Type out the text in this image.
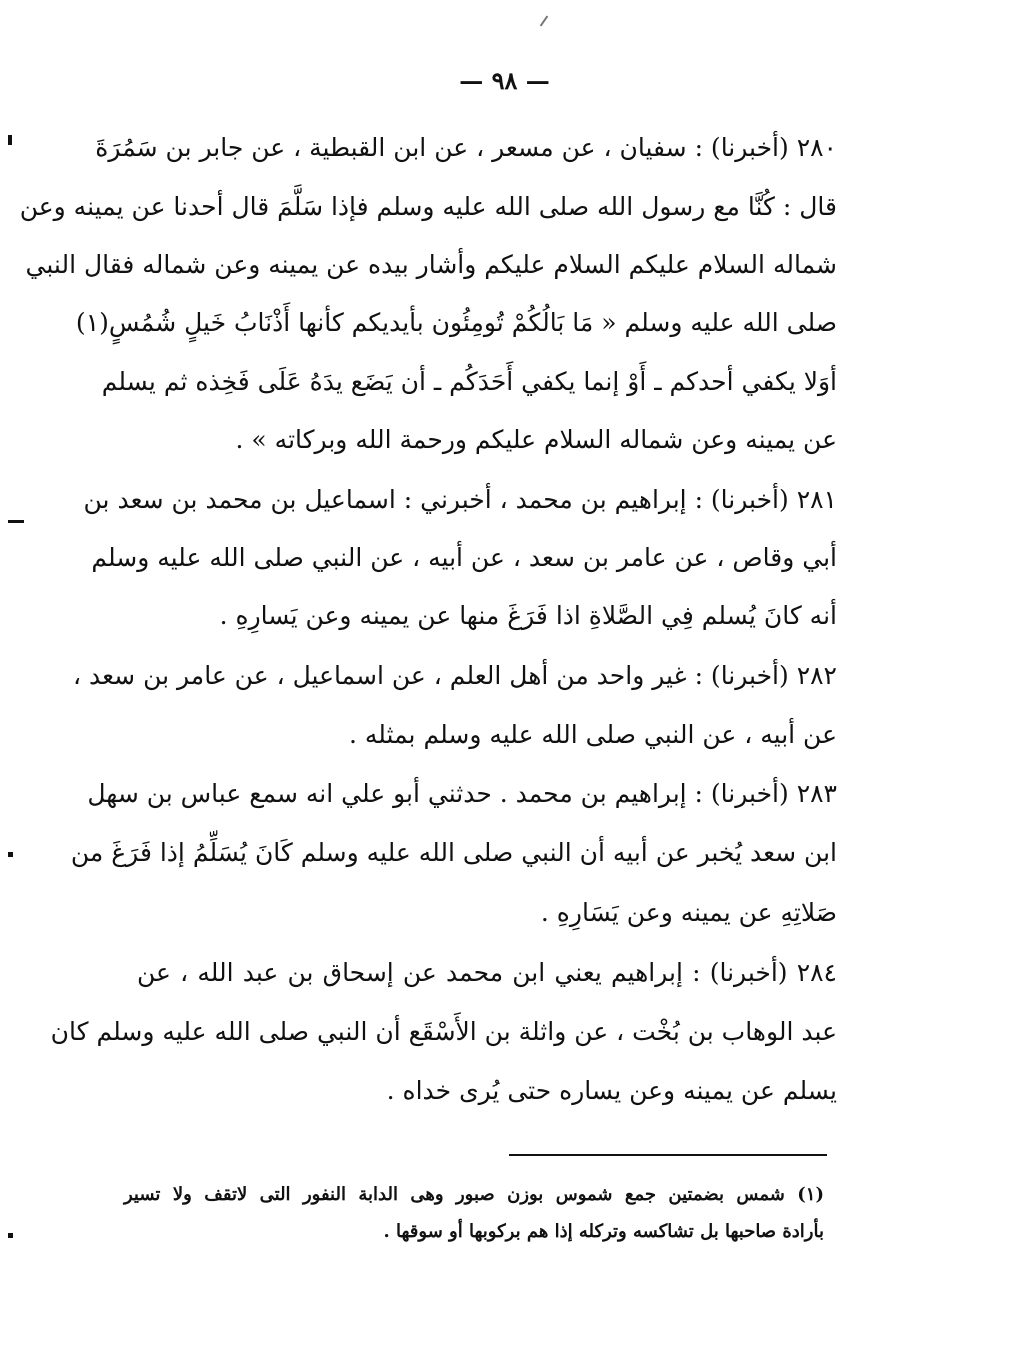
— ٩٨ —
٢٨٠ (أخبرنا) : سفيان ، عن مسعر ، عن ابن القبطية ، عن جابر بن سَمُرَةَ
قال : كُنَّا مع رسول الله صلى الله عليه وسلم فإذا سَلَّمَ قال أحدنا عن يمينه وعن
شماله السلام عليكم السلام عليكم وأشار بيده عن يمينه وعن شماله فقال النبي
صلى الله عليه وسلم « مَا بَالُكُمْ تُومِئُون بأيديكم كأنها أَذْنَابُ خَيلٍ شُمُسٍ(١)
أوَلا يكفي أحدكم ـ أَوْ إنما يكفي أَحَدَكُم ـ أن يَضَع يدَهُ عَلَى فَخِذه ثم يسلم
عن يمينه وعن شماله السلام عليكم ورحمة الله وبركاته » .
٢٨١ (أخبرنا) : إبراهيم بن محمد ، أخبرني : اسماعيل بن محمد بن سعد بن
أبي وقاص ، عن عامر بن سعد ، عن أبيه ، عن النبي صلى الله عليه وسلم
أنه كانَ يُسلم فِي الصَّلاةِ اذا فَرَغَ منها عن يمينه وعن يَسارِهِ .
٢٨٢ (أخبرنا) : غير واحد من أهل العلم ، عن اسماعيل ، عن عامر بن سعد ،
عن أبيه ، عن النبي صلى الله عليه وسلم بمثله .
٢٨٣ (أخبرنا) : إبراهيم بن محمد . حدثني أبو علي انه سمع عباس بن سهل
ابن سعد يُخبر عن أبيه أن النبي صلى الله عليه وسلم كَانَ يُسَلِّمُ إذا فَرَغَ من
صَلاتِهِ عن يمينه وعن يَسَارِهِ .
٢٨٤ (أخبرنا) : إبراهيم يعني ابن محمد عن إسحاق بن عبد الله ، عن
عبد الوهاب بن بُخْت ، عن واثلة بن الأَسْقَع أن النبي صلى الله عليه وسلم كان
يسلم عن يمينه وعن يساره حتى يُرى خداه .
(١) شمس بضمتين جمع شموس بوزن صبور وهى الدابة النفور التى لاتقف ولا تسير
بأرادة صاحبها بل تشاكسه وتركله إذا هم بركوبها أو سوقها .
